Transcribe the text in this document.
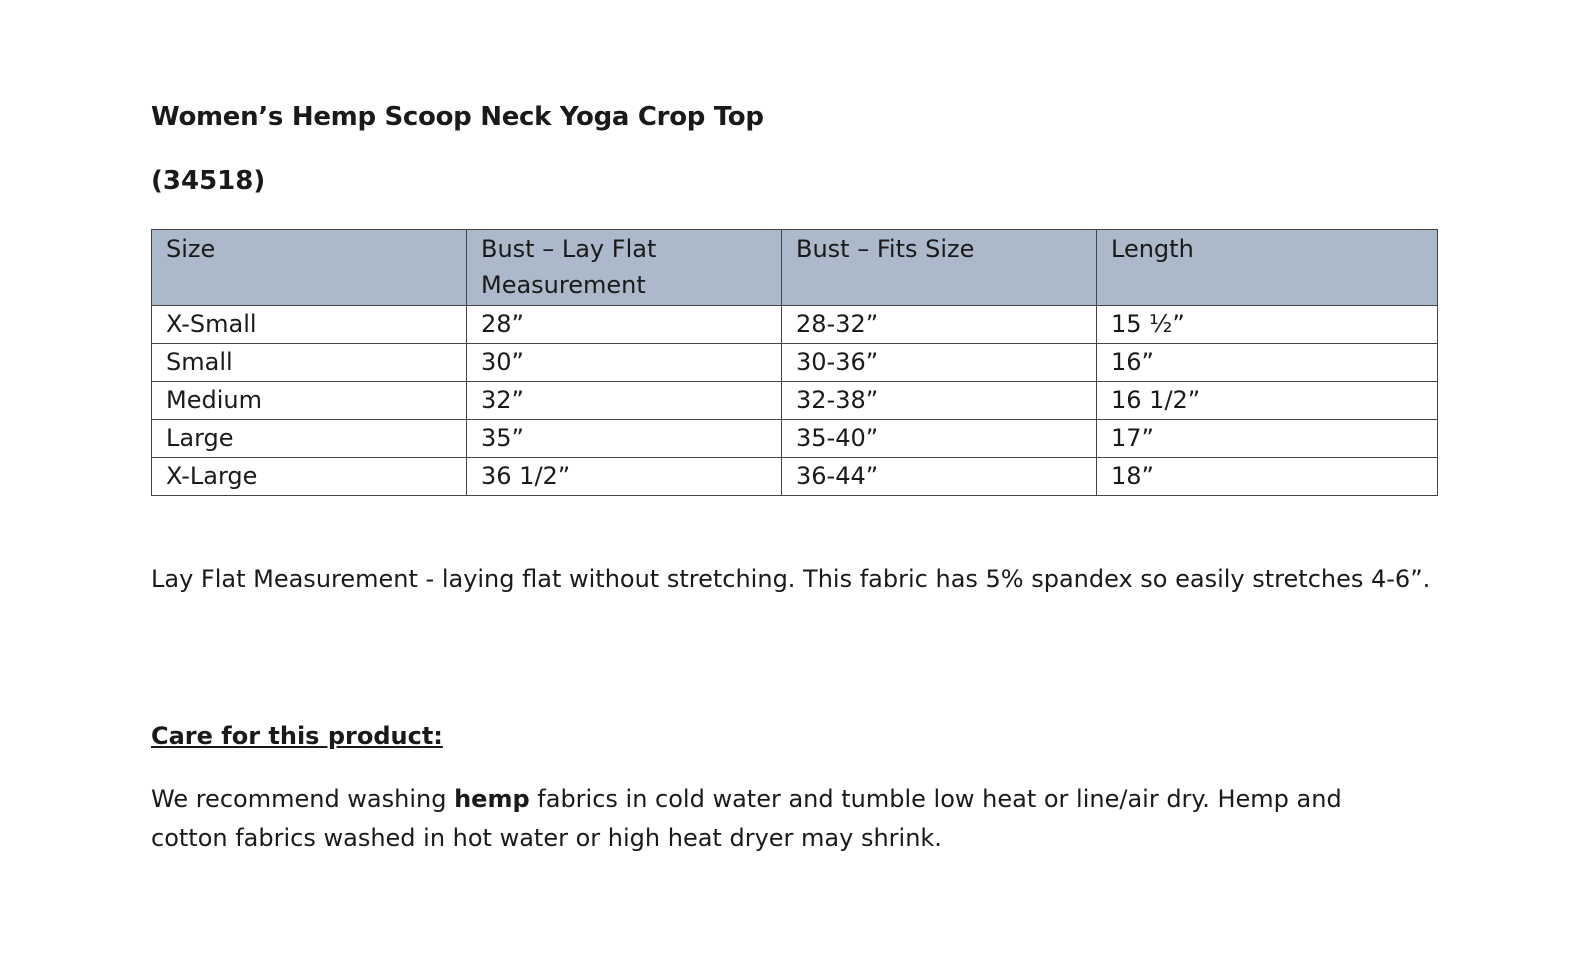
Women’s Hemp Scoop Neck Yoga Crop Top
(34518)
Size	Bust – Lay Flat Measurement	Bust – Fits Size	Length
X-Small	28”	28-32”	15 ½”
Small	30”	30-36”	16”
Medium	32”	32-38”	16 1/2”
Large	35”	35-40”	17”
X-Large	36 1/2”	36-44”	18”
Lay Flat Measurement - laying flat without stretching. This fabric has 5% spandex so easily stretches 4-6”.
Care for this product:
We recommend washing hemp fabrics in cold water and tumble low heat or line/air dry. Hemp and cotton fabrics washed in hot water or high heat dryer may shrink.
